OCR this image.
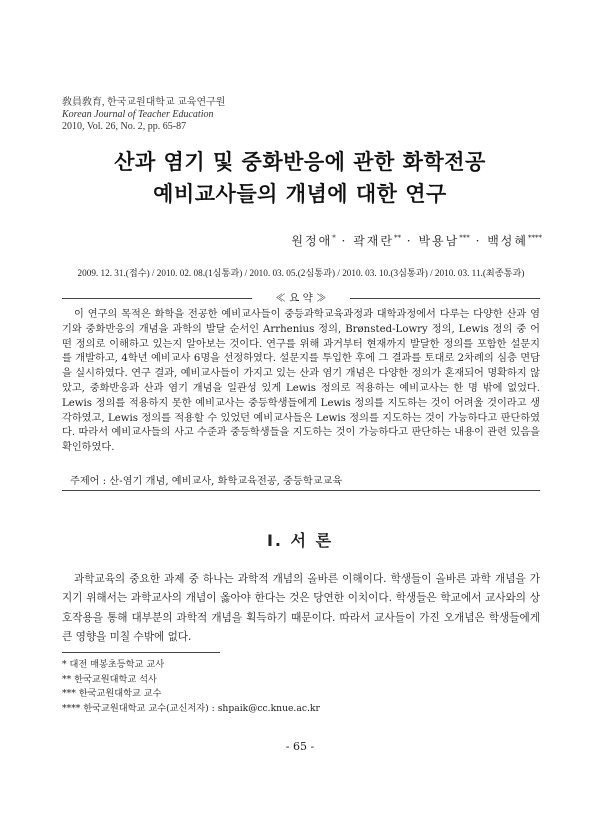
敎員敎育, 한국교원대학교 교육연구원
Korean Journal of Teacher Education
2010, Vol. 26, No. 2, pp. 65-87
산과 염기 및 중화반응에 관한 화학전공
예비교사들의 개념에 대한 연구
원정애* · 곽재란** · 박용남*** · 백성혜****
2009. 12. 31.(접수) / 2010. 02. 08.(1심통과) / 2010. 03. 05.(2심통과) / 2010. 03. 10.(3심통과) / 2010. 03. 11.(최종통과)
≪ 요 약 ≫
이 연구의 목적은 화학을 전공한 예비교사들이 중등과학교육과정과 대학과정에서 다루는 다양한 산과 염기와 중화반응의 개념을 과학의 발달 순서인 Arrhenius 정의, Brønsted-Lowry 정의, Lewis 정의 중 어떤 정의로 이해하고 있는지 알아보는 것이다. 연구를 위해 과거부터 현재까지 발달한 정의를 포함한 설문지를 개발하고, 4학년 예비교사 6명을 선정하였다. 설문지를 투입한 후에 그 결과를 토대로 2차례의 심층 면담을 실시하였다. 연구 결과, 예비교사들이 가지고 있는 산과 염기 개념은 다양한 정의가 혼재되어 명확하지 않았고, 중화반응과 산과 염기 개념을 일관성 있게 Lewis 정의로 적용하는 예비교사는 한 명 밖에 없었다. Lewis 정의를 적용하지 못한 예비교사는 중등학생들에게 Lewis 정의를 지도하는 것이 어려울 것이라고 생각하였고, Lewis 정의를 적용할 수 있었던 예비교사들은 Lewis 정의를 지도하는 것이 가능하다고 판단하였다. 따라서 예비교사들의 사고 수준과 중등학생들을 지도하는 것이 가능하다고 판단하는 내용이 관련 있음을 확인하였다.
주제어 : 산-염기 개념, 예비교사, 화학교육전공, 중등학교교육
Ⅰ. 서 론
과학교육의 중요한 과제 중 하나는 과학적 개념의 올바른 이해이다. 학생들이 올바른 과학 개념을 가지기 위해서는 과학교사의 개념이 옳아야 한다는 것은 당연한 이치이다. 학생들은 학교에서 교사와의 상호작용을 통해 대부분의 과학적 개념을 획득하기 때문이다. 따라서 교사들이 가진 오개념은 학생들에게 큰 영향을 미칠 수밖에 없다.
* 대전 매봉초등학교 교사
** 한국교원대학교 석사
*** 한국교원대학교 교수
**** 한국교원대학교 교수(교신저자) : shpaik@cc.knue.ac.kr
- 65 -
